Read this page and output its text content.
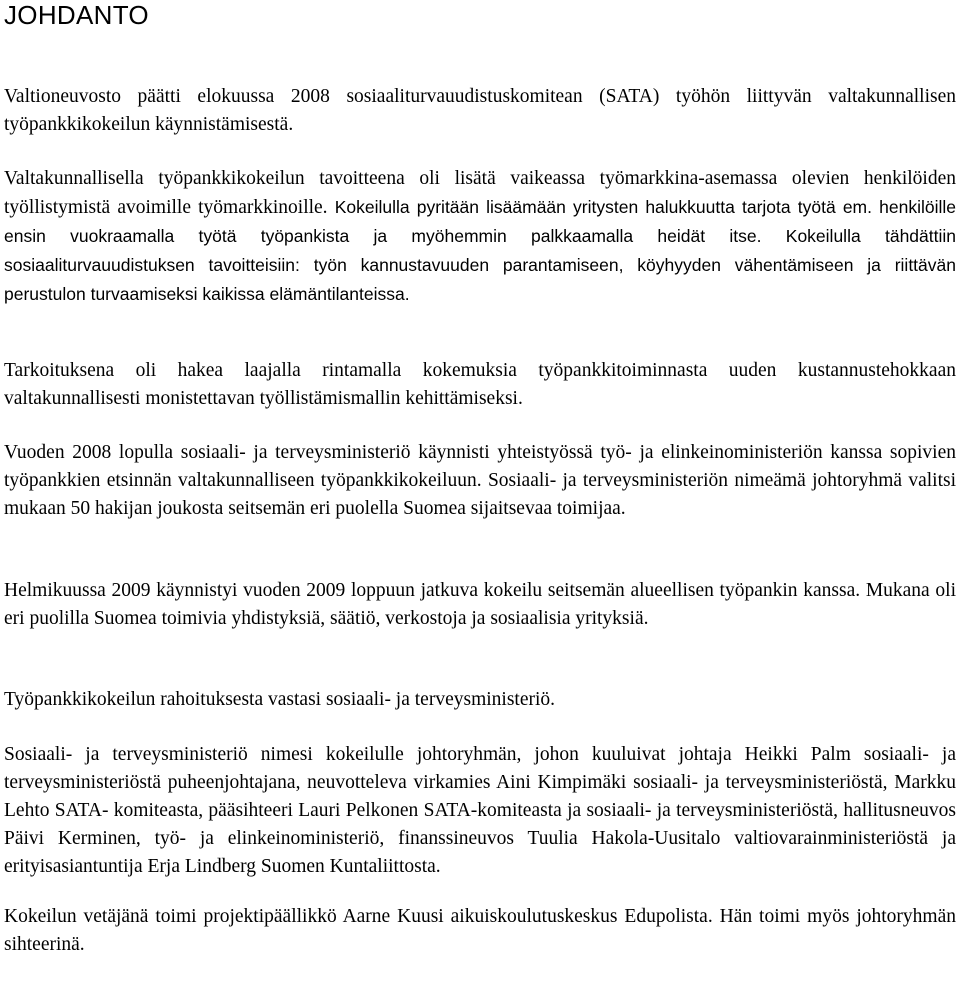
JOHDANTO

Valtioneuvosto päätti elokuussa 2008 sosiaaliturvauudistuskomitean (SATA) työhön liittyvän valtakunnallisen työpankkikokeilun käynnistämisestä.

Valtakunnallisella työpankkikokeilun tavoitteena oli lisätä vaikeassa työmarkkina-asemassa olevien henkilöiden työllistymistä avoimille työmarkkinoille. Kokeilulla pyritään lisäämään yritysten halukkuutta tarjota työtä em. henkilöille ensin vuokraamalla työtä työpankista ja myöhemmin palkkaamalla heidät itse. Kokeilulla tähdättiin sosiaaliturvauudistuksen tavoitteisiin: työn kannustavuuden parantamiseen, köyhyyden vähentämiseen ja riittävän perustulon turvaamiseksi kaikissa elämäntilanteissa.

Tarkoituksena oli hakea laajalla rintamalla kokemuksia työpankkitoiminnasta uuden kustannustehokkaan valtakunnallisesti monistettavan työllistämismallin kehittämiseksi.

Vuoden 2008 lopulla sosiaali- ja terveysministeriö käynnisti yhteistyössä työ- ja elinkeinoministeriön kanssa sopivien työpankkien etsinnän valtakunnalliseen työpankkikokeiluun. Sosiaali- ja terveysministeriön nimeämä johtoryhmä valitsi mukaan 50 hakijan joukosta seitsemän eri puolella Suomea sijaitsevaa toimijaa.

Helmikuussa 2009 käynnistyi vuoden 2009 loppuun jatkuva kokeilu seitsemän alueellisen työpankin kanssa. Mukana oli eri puolilla Suomea toimivia yhdistyksiä, säätiö, verkostoja ja sosiaalisia yrityksiä.

Työpankkikokeilun rahoituksesta vastasi sosiaali- ja terveysministeriö.

Sosiaali- ja terveysministeriö nimesi kokeilulle johtoryhmän, johon kuuluivat johtaja Heikki Palm sosiaali- ja terveysministeriöstä puheenjohtajana, neuvotteleva virkamies Aini Kimpimäki sosiaali- ja terveysministeriöstä, Markku Lehto SATA- komiteasta, pääsihteeri Lauri Pelkonen SATA-komiteasta ja sosiaali- ja terveysministeriöstä, hallitusneuvos Päivi Kerminen, työ- ja elinkeinoministeriö, finanssineuvos Tuulia Hakola-Uusitalo valtiovarainministeriöstä ja erityisasiantuntija Erja Lindberg Suomen Kuntaliittosta.

Kokeilun vetäjänä toimi projektipäällikkö Aarne Kuusi aikuiskoulutuskeskus Edupolista. Hän toimi myös johtoryhmän sihteerinä.
